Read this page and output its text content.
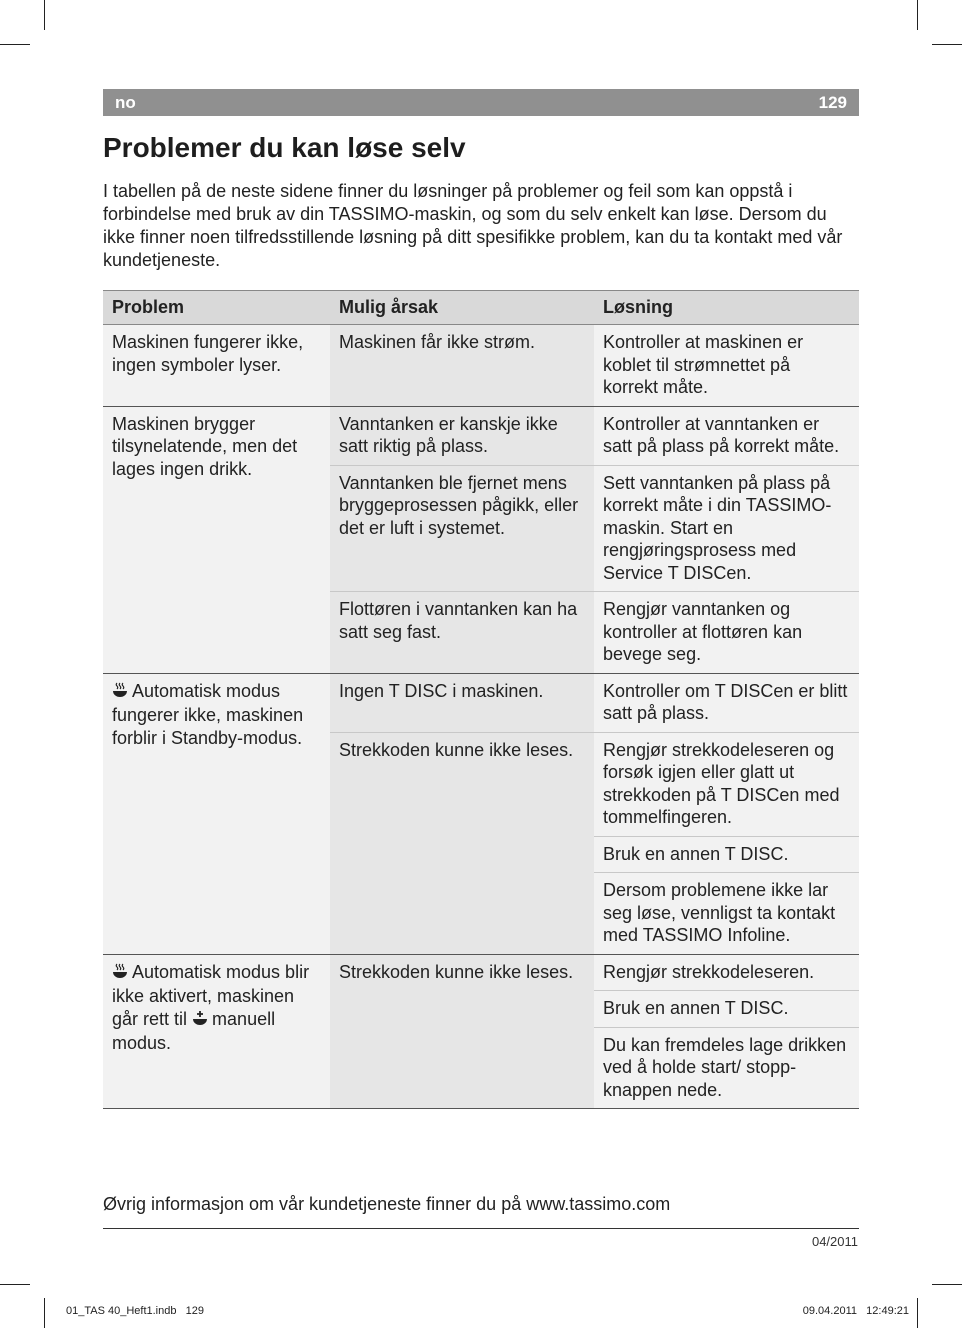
no	129
Problemer du kan løse selv

I tabellen på de neste sidene finner du løsninger på problemer og feil som kan oppstå i forbindelse med bruk av din TASSIMO-maskin, og som du selv enkelt kan løse. Dersom du ikke finner noen tilfredsstillende løsning på ditt spesifikke problem, kan du ta kontakt med vår kundetjeneste.

Problem	Mulig årsak	Løsning
Maskinen fungerer ikke, ingen symboler lyser.	Maskinen får ikke strøm.	Kontroller at maskinen er koblet til strømnettet på korrekt måte.
Maskinen brygger tilsynelatende, men det lages ingen drikk.	Vanntanken er kanskje ikke satt riktig på plass.	Kontroller at vanntanken er satt på plass på korrekt måte.
	Vanntanken ble fjernet mens bryggeprosessen pågikk, eller det er luft i systemet.	Sett vanntanken på plass på korrekt måte i din TASSIMO-maskin. Start en rengjøringsprosess med Service T DISCen.
	Flottøren i vanntanken kan ha satt seg fast.	Rengjør vanntanken og kontroller at flottøren kan bevege seg.
Automatisk modus fungerer ikke, maskinen forblir i Standby-modus.	Ingen T DISC i maskinen.	Kontroller om T DISCen er blitt satt på plass.
	Strekkoden kunne ikke leses.	Rengjør strekkodeleseren og forsøk igjen eller glatt ut strekkoden på T DISCen med tommelfingeren.
		Bruk en annen T DISC.
		Dersom problemene ikke lar seg løse, vennligst ta kontakt med TASSIMO Infoline.
Automatisk modus blir ikke aktivert, maskinen går rett til manuell modus.	Strekkoden kunne ikke leses.	Rengjør strekkodeleseren.
		Bruk en annen T DISC.
		Du kan fremdeles lage drikken ved å holde start/ stopp-knappen nede.

Øvrig informasjon om vår kundetjeneste finner du på www.tassimo.com

04/2011
01_TAS 40_Heft1.indb   129	09.04.2011   12:49:21
